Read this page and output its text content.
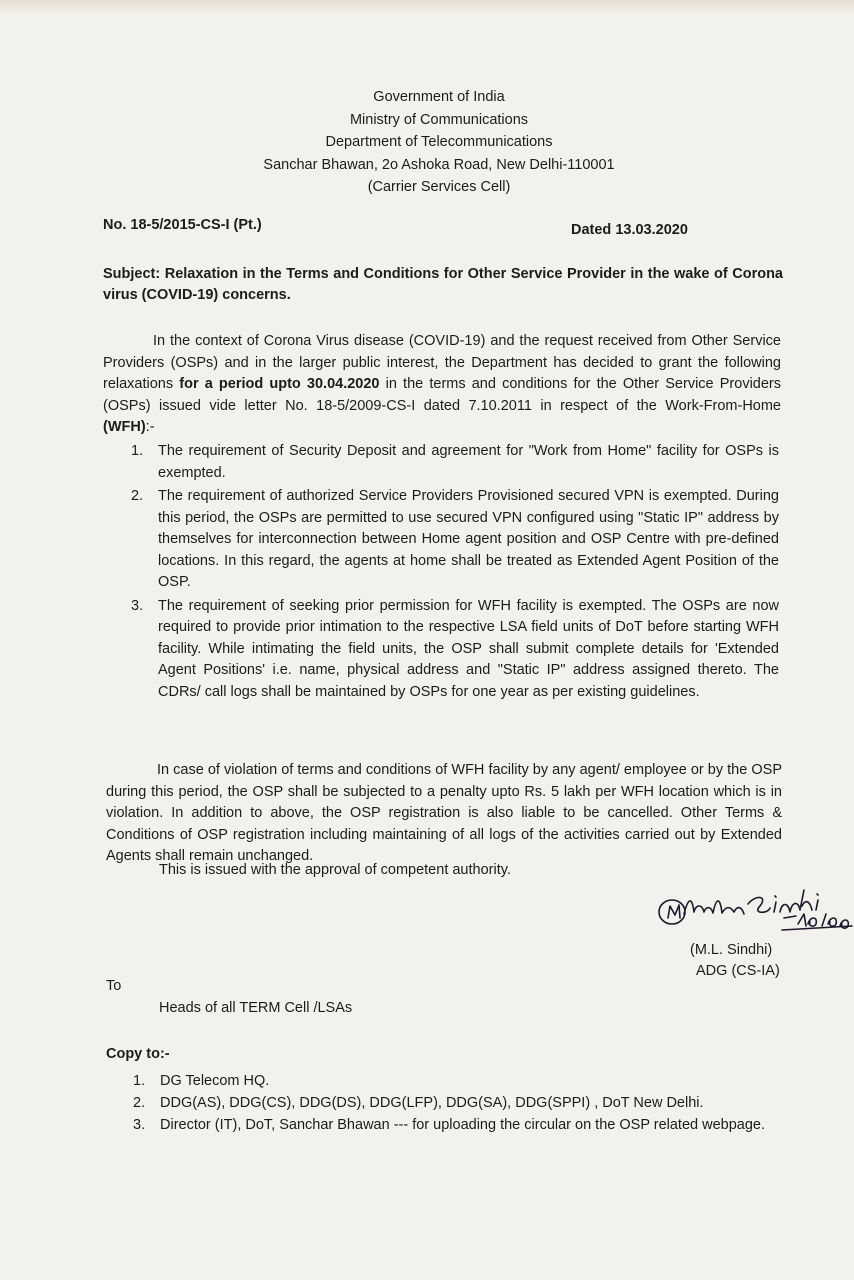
Government of India
Ministry of Communications
Department of Telecommunications
Sanchar Bhawan, 2o Ashoka Road, New Delhi-110001
(Carrier Services Cell)
No. 18-5/2015-CS-I (Pt.)	Dated 13.03.2020
Subject: Relaxation in the Terms and Conditions for Other Service Provider in the wake of Corona virus (COVID-19) concerns.
In the context of Corona Virus disease (COVID-19) and the request received from Other Service Providers (OSPs) and in the larger public interest, the Department has decided to grant the following relaxations for a period upto 30.04.2020 in the terms and conditions for the Other Service Providers (OSPs) issued vide letter No. 18-5/2009-CS-I dated 7.10.2011 in respect of the Work-From-Home (WFH):-
1. The requirement of Security Deposit and agreement for "Work from Home" facility for OSPs is exempted.
2. The requirement of authorized Service Providers Provisioned secured VPN is exempted. During this period, the OSPs are permitted to use secured VPN configured using "Static IP" address by themselves for interconnection between Home agent position and OSP Centre with pre-defined locations. In this regard, the agents at home shall be treated as Extended Agent Position of the OSP.
3. The requirement of seeking prior permission for WFH facility is exempted. The OSPs are now required to provide prior intimation to the respective LSA field units of DoT before starting WFH facility. While intimating the field units, the OSP shall submit complete details for 'Extended Agent Positions' i.e. name, physical address and "Static IP" address assigned thereto. The CDRs/ call logs shall be maintained by OSPs for one year as per existing guidelines.
In case of violation of terms and conditions of WFH facility by any agent/ employee or by the OSP during this period, the OSP shall be subjected to a penalty upto Rs. 5 lakh per WFH location which is in violation. In addition to above, the OSP registration is also liable to be cancelled. Other Terms & Conditions of OSP registration including maintaining of all logs of the activities carried out by Extended Agents shall remain unchanged.
This is issued with the approval of competent authority.
(M.L. Sindhi)
ADG (CS-IA)
To
Heads of all TERM Cell /LSAs
Copy to:-
1. DG Telecom HQ.
2. DDG(AS), DDG(CS), DDG(DS), DDG(LFP), DDG(SA), DDG(SPPI) , DoT New Delhi.
3. Director (IT), DoT, Sanchar Bhawan --- for uploading the circular on the OSP related webpage.
